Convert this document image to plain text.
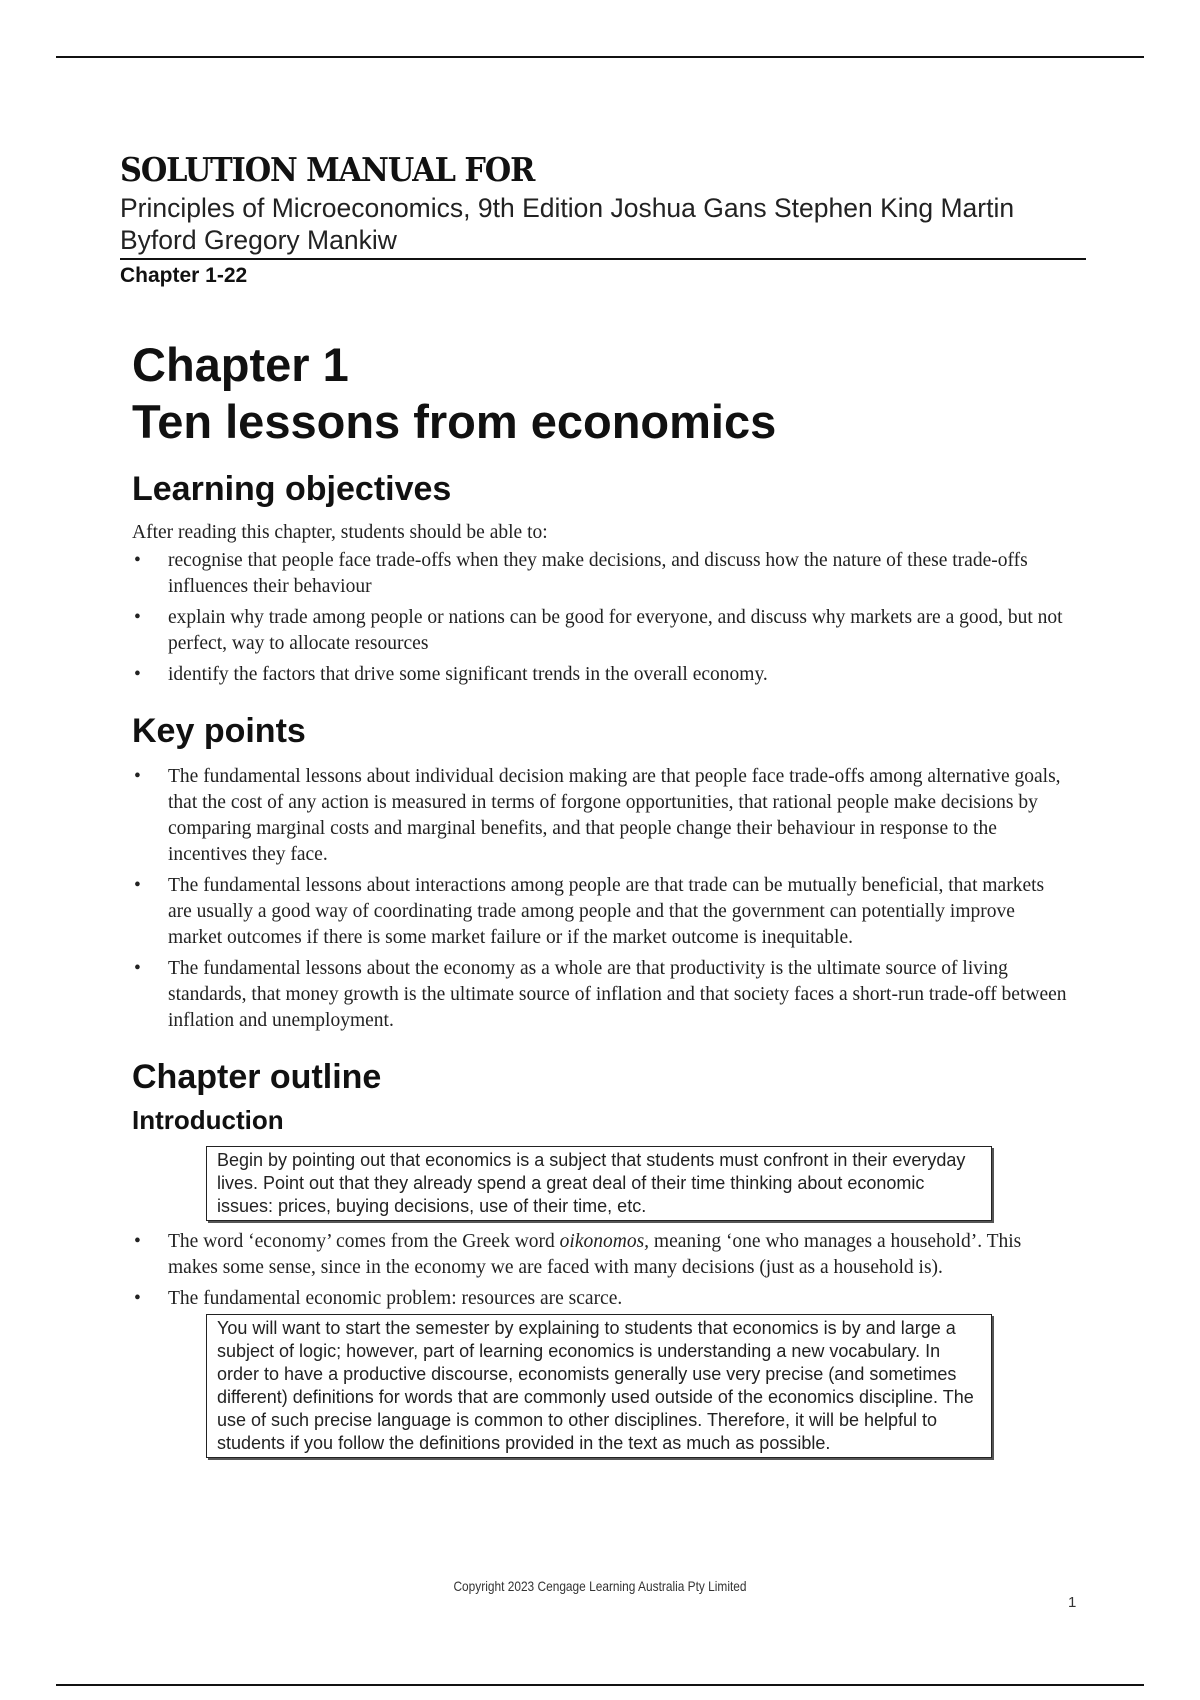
SOLUTION MANUAL FOR
Principles of Microeconomics, 9th Edition Joshua Gans Stephen King Martin Byford Gregory Mankiw
Chapter 1-22
Chapter 1
Ten lessons from economics
Learning objectives

After reading this chapter, students should be able to:

• recognise that people face trade-offs when they make decisions, and discuss how the nature of these trade-offs influences their behaviour
• explain why trade among people or nations can be good for everyone, and discuss why markets are a good, but not perfect, way to allocate resources
• identify the factors that drive some significant trends in the overall economy.
Key points
• The fundamental lessons about individual decision making are that people face trade-offs among alternative goals, that the cost of any action is measured in terms of forgone opportunities, that rational people make decisions by comparing marginal costs and marginal benefits, and that people change their behaviour in response to the incentives they face.
• The fundamental lessons about interactions among people are that trade can be mutually beneficial, that markets are usually a good way of coordinating trade among people and that the government can potentially improve market outcomes if there is some market failure or if the market outcome is inequitable.
• The fundamental lessons about the economy as a whole are that productivity is the ultimate source of living standards, that money growth is the ultimate source of inflation and that society faces a short-run trade-off between inflation and unemployment.
Chapter outline
Introduction
Begin by pointing out that economics is a subject that students must confront in their everyday lives. Point out that they already spend a great deal of their time thinking about economic issues: prices, buying decisions, use of their time, etc.
• The word ‘economy’ comes from the Greek word oikonomos, meaning ‘one who manages a household’. This makes some sense, since in the economy we are faced with many decisions (just as a household is).
• The fundamental economic problem: resources are scarce.
You will want to start the semester by explaining to students that economics is by and large a subject of logic; however, part of learning economics is understanding a new vocabulary. In order to have a productive discourse, economists generally use very precise (and sometimes different) definitions for words that are commonly used outside of the economics discipline. The use of such precise language is common to other disciplines. Therefore, it will be helpful to students if you follow the definitions provided in the text as much as possible.
Copyright 2023 Cengage Learning Australia Pty Limited
1
